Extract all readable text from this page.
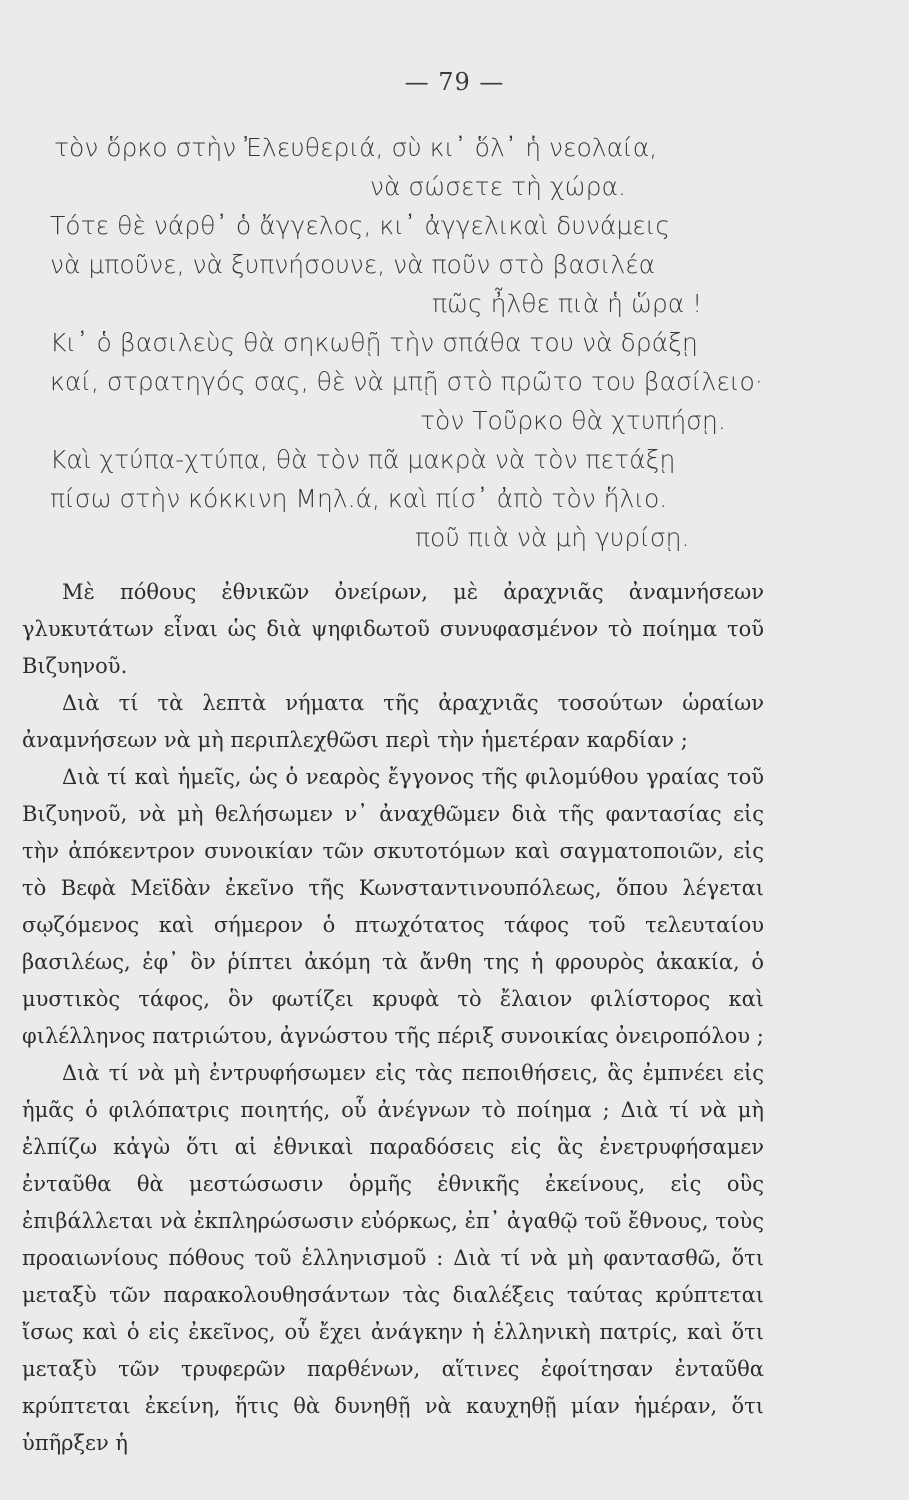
— 79 —
τὸν ὅρκο στὴν Ἐλευθεριά, σὺ κι᾽ ὅλ᾽ ἡ νεολαία,
νὰ σώσετε τὴ χώρα.
Τότε θὲ νάρθ᾽ ὁ ἄγγελος, κι᾽ ἀγγελικαὶ δυνάμεις
νὰ μποῦνε, νὰ ξυπνήσουνε, νὰ ποῦν στὸ βασιλέα
πῶς ἦλθε πιὰ ἡ ὥρα !
Κι᾽ ὁ βασιλεὺς θὰ σηκωθῇ τὴν σπάθα του νὰ δράξῃ
καί, στρατηγός σας, θὲ νὰ μπῇ στὸ πρῶτο του βασίλειο·
τὸν Τοῦρκο θὰ χτυπήσῃ.
Καὶ χτύπα-χτύπα, θὰ τὸν πᾶ μακρὰ νὰ τὸν πετάξῃ
πίσω στὴν κόκκινη Μηλ.ά, καὶ πίσ᾽ ἀπὸ τὸν ἥλιο.
ποῦ πιὰ νὰ μὴ γυρίσῃ.

Μὲ πόθους ἐθνικῶν ὀνείρων, μὲ ἀραχνιᾶς ἀναμνήσεων γλυκυτάτων εἶναι ὡς διὰ ψηφιδωτοῦ συνυφασμένον τὸ ποίημα τοῦ Βιζυηνοῦ.

Διὰ τί τὰ λεπτὰ νήματα τῆς ἀραχνιᾶς τοσούτων ὡραίων ἀναμνήσεων νὰ μὴ περιπλεχθῶσι περὶ τὴν ἡμετέραν καρδίαν ;

Διὰ τί καὶ ἡμεῖς, ὡς ὁ νεαρὸς ἔγγονος τῆς φιλομύθου γραίας τοῦ Βιζυηνοῦ, νὰ μὴ θελήσωμεν ν᾽ ἀναχθῶμεν διὰ τῆς φαντασίας εἰς τὴν ἀπόκεντρον συνοικίαν τῶν σκυτοτόμων καὶ σαγματοποιῶν, εἰς τὸ Βεφὰ Μεϊδὰν ἐκεῖνο τῆς Κωνσταντινουπόλεως, ὅπου λέγεται σῳζόμενος καὶ σήμερον ὁ πτωχότατος τάφος τοῦ τελευταίου βασιλέως, ἐφ᾽ ὃν ῥίπτει ἀκόμη τὰ ἄνθη της ἡ φρουρὸς ἀκακία, ὁ μυστικὸς τάφος, ὃν φωτίζει κρυφὰ τὸ ἔλαιον φιλίστορος καὶ φιλέλληνος πατριώτου, ἀγνώστου τῆς πέριξ συνοικίας ὀνειροπόλου ;

Διὰ τί νὰ μὴ ἐντρυφήσωμεν εἰς τὰς πεποιθήσεις, ἃς ἐμπνέει εἰς ἡμᾶς ὁ φιλόπατρις ποιητής, οὗ ἀνέγνων τὸ ποίημα ; Διὰ τί νὰ μὴ ἐλπίζω κἀγὼ ὅτι αἱ ἐθνικαὶ παραδόσεις εἰς ἃς ἐνετρυφήσαμεν ἐνταῦθα θὰ μεστώσωσιν ὁρμῆς ἐθνικῆς ἐκείνους, εἰς οὓς ἐπιβάλλεται νὰ ἐκπληρώσωσιν εὐόρκως, ἐπ᾽ ἀγαθῷ τοῦ ἔθνους, τοὺς προαιωνίους πόθους τοῦ ἑλληνισμοῦ : Διὰ τί νὰ μὴ φαντασθῶ, ὅτι μεταξὺ τῶν παρακολουθησάντων τὰς διαλέξεις ταύτας κρύπτεται ἴσως καὶ ὁ εἰς ἐκεῖνος, οὗ ἔχει ἀνάγκην ἡ ἑλληνικὴ πατρίς, καὶ ὅτι μεταξὺ τῶν τρυφερῶν παρθένων, αἵτινες ἐφοίτησαν ἐνταῦθα κρύπτεται ἐκείνη, ἥτις θὰ δυνηθῇ νὰ καυχηθῇ μίαν ἡμέραν, ὅτι ὑπῆρξεν ἡ
